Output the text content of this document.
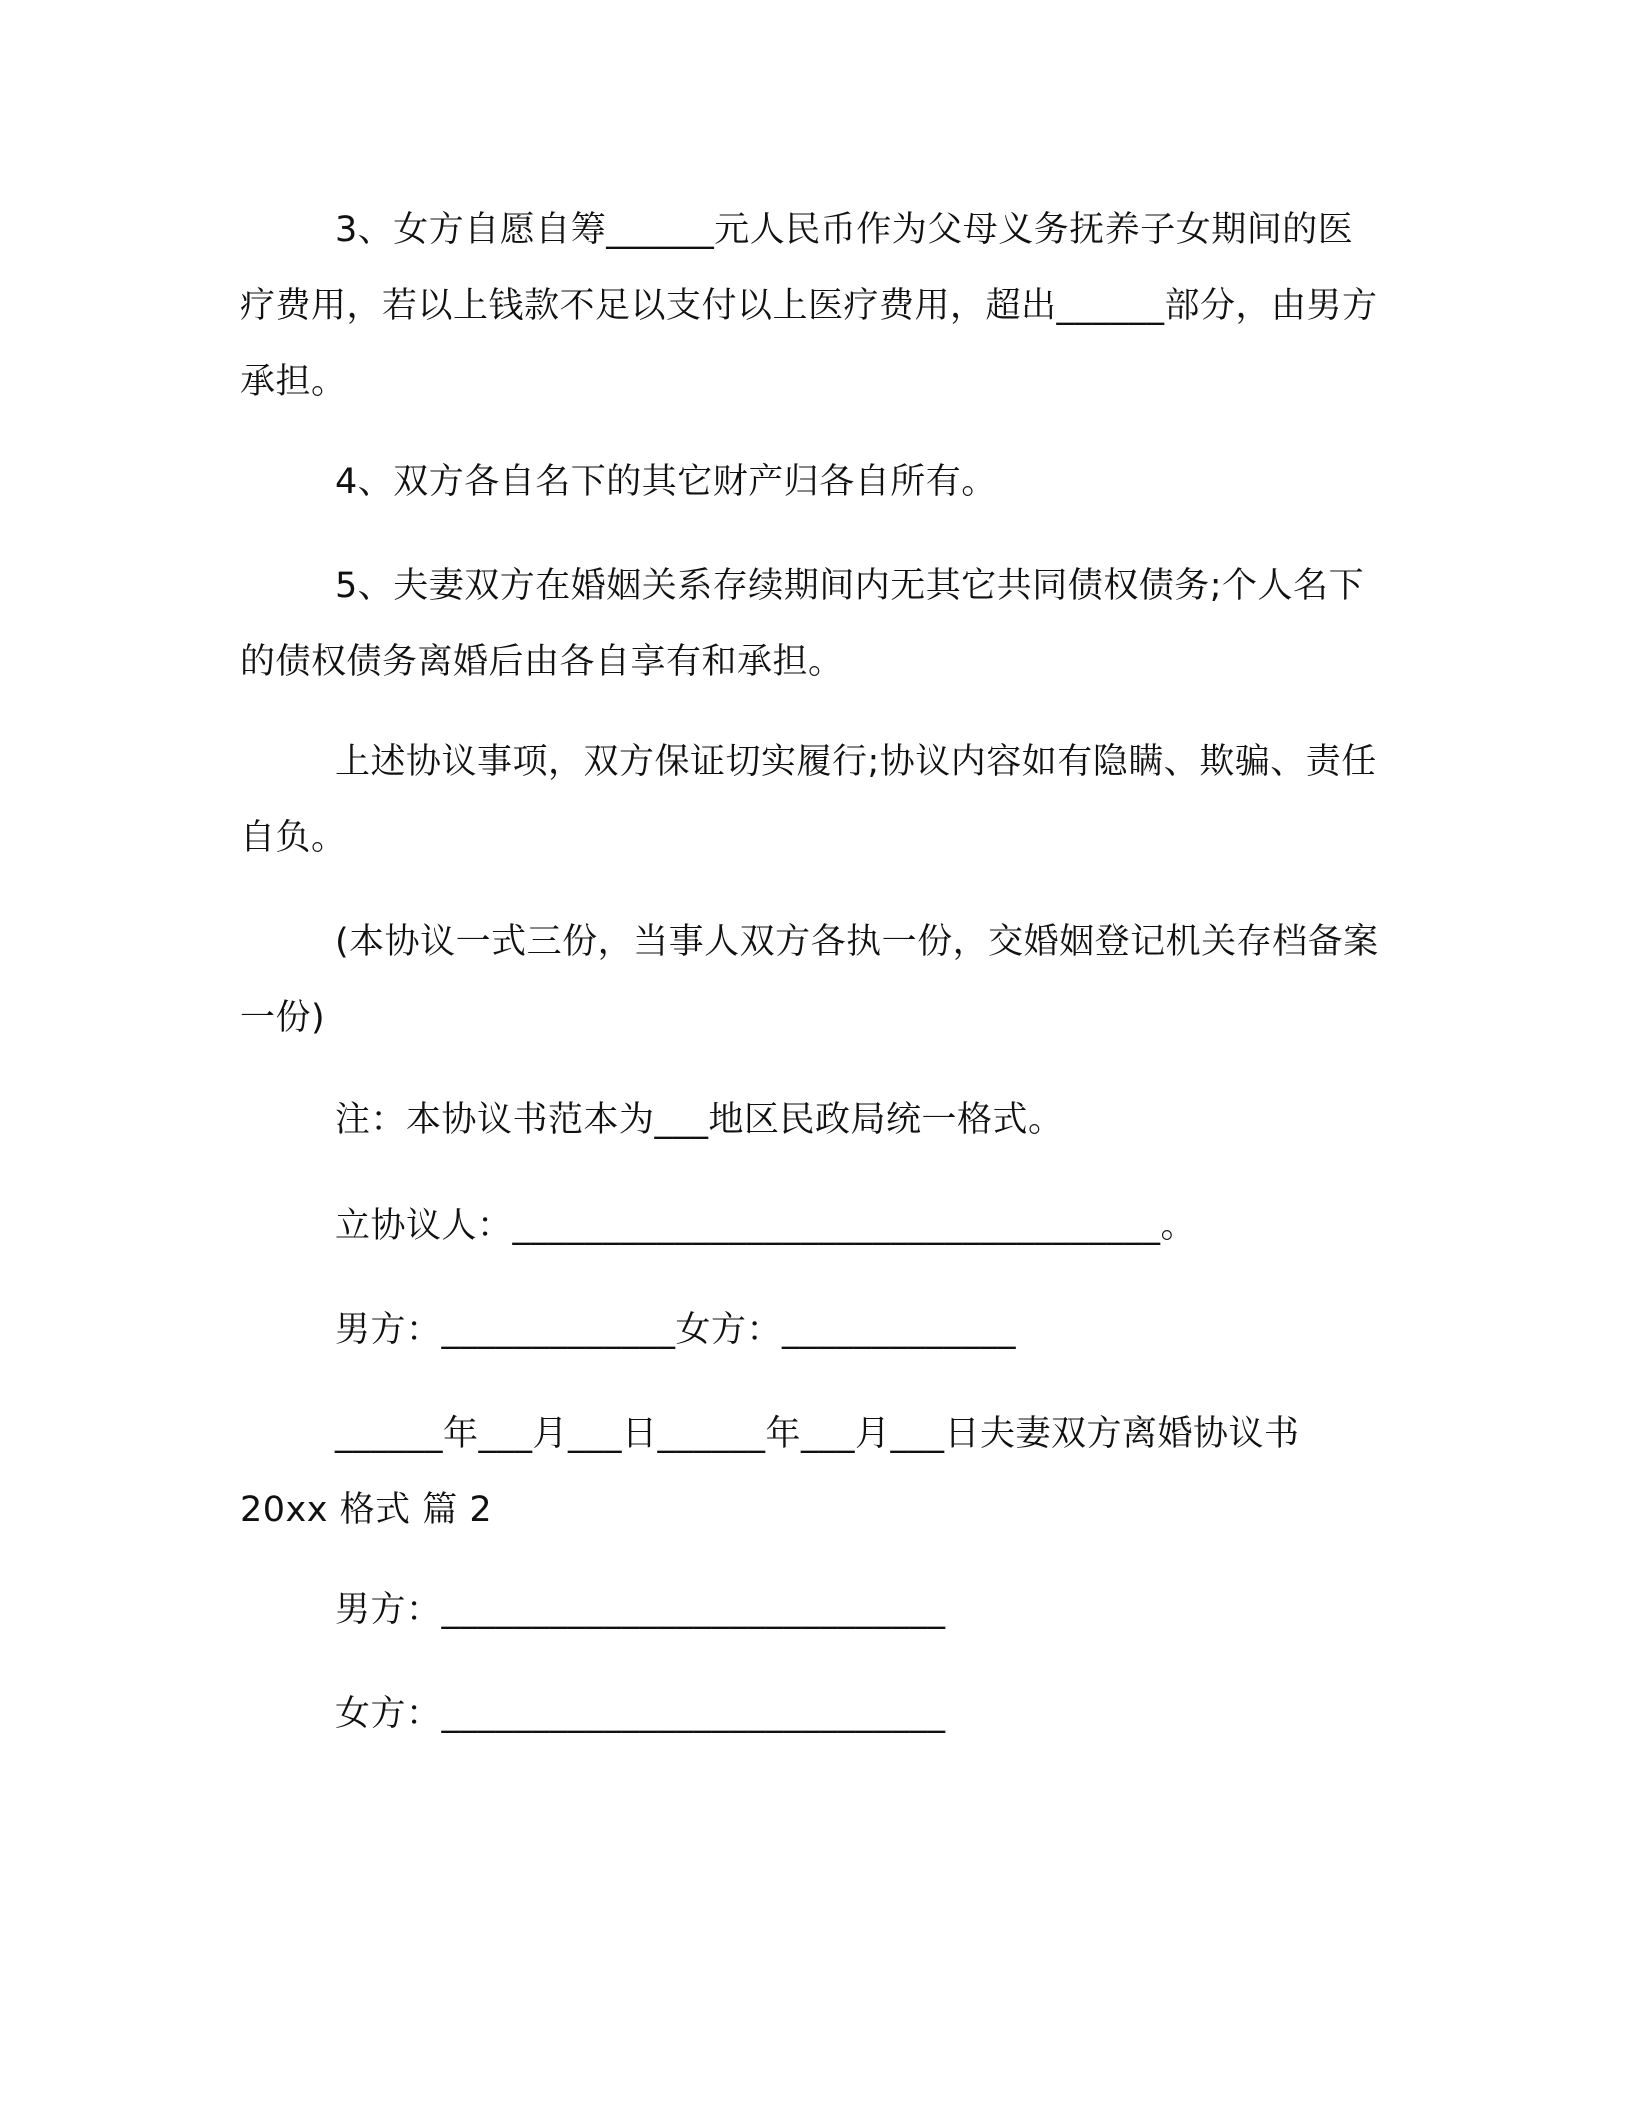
3、女方自愿自筹______元人民币作为父母义务抚养子女期间的医疗费用，若以上钱款不足以支付以上医疗费用，超出______部分，由男方承担。

4、双方各自名下的其它财产归各自所有。

5、夫妻双方在婚姻关系存续期间内无其它共同债权债务;个人名下的债权债务离婚后由各自享有和承担。

上述协议事项，双方保证切实履行;协议内容如有隐瞒、欺骗、责任自负。

(本协议一式三份，当事人双方各执一份，交婚姻登记机关存档备案一份)

注：本协议书范本为___地区民政局统一格式。

立协议人：____________________________________。

男方：_____________女方：_____________

______年___月___日______年___月___日夫妻双方离婚协议书 20xx 格式 篇 2

男方：____________________________

女方：____________________________
